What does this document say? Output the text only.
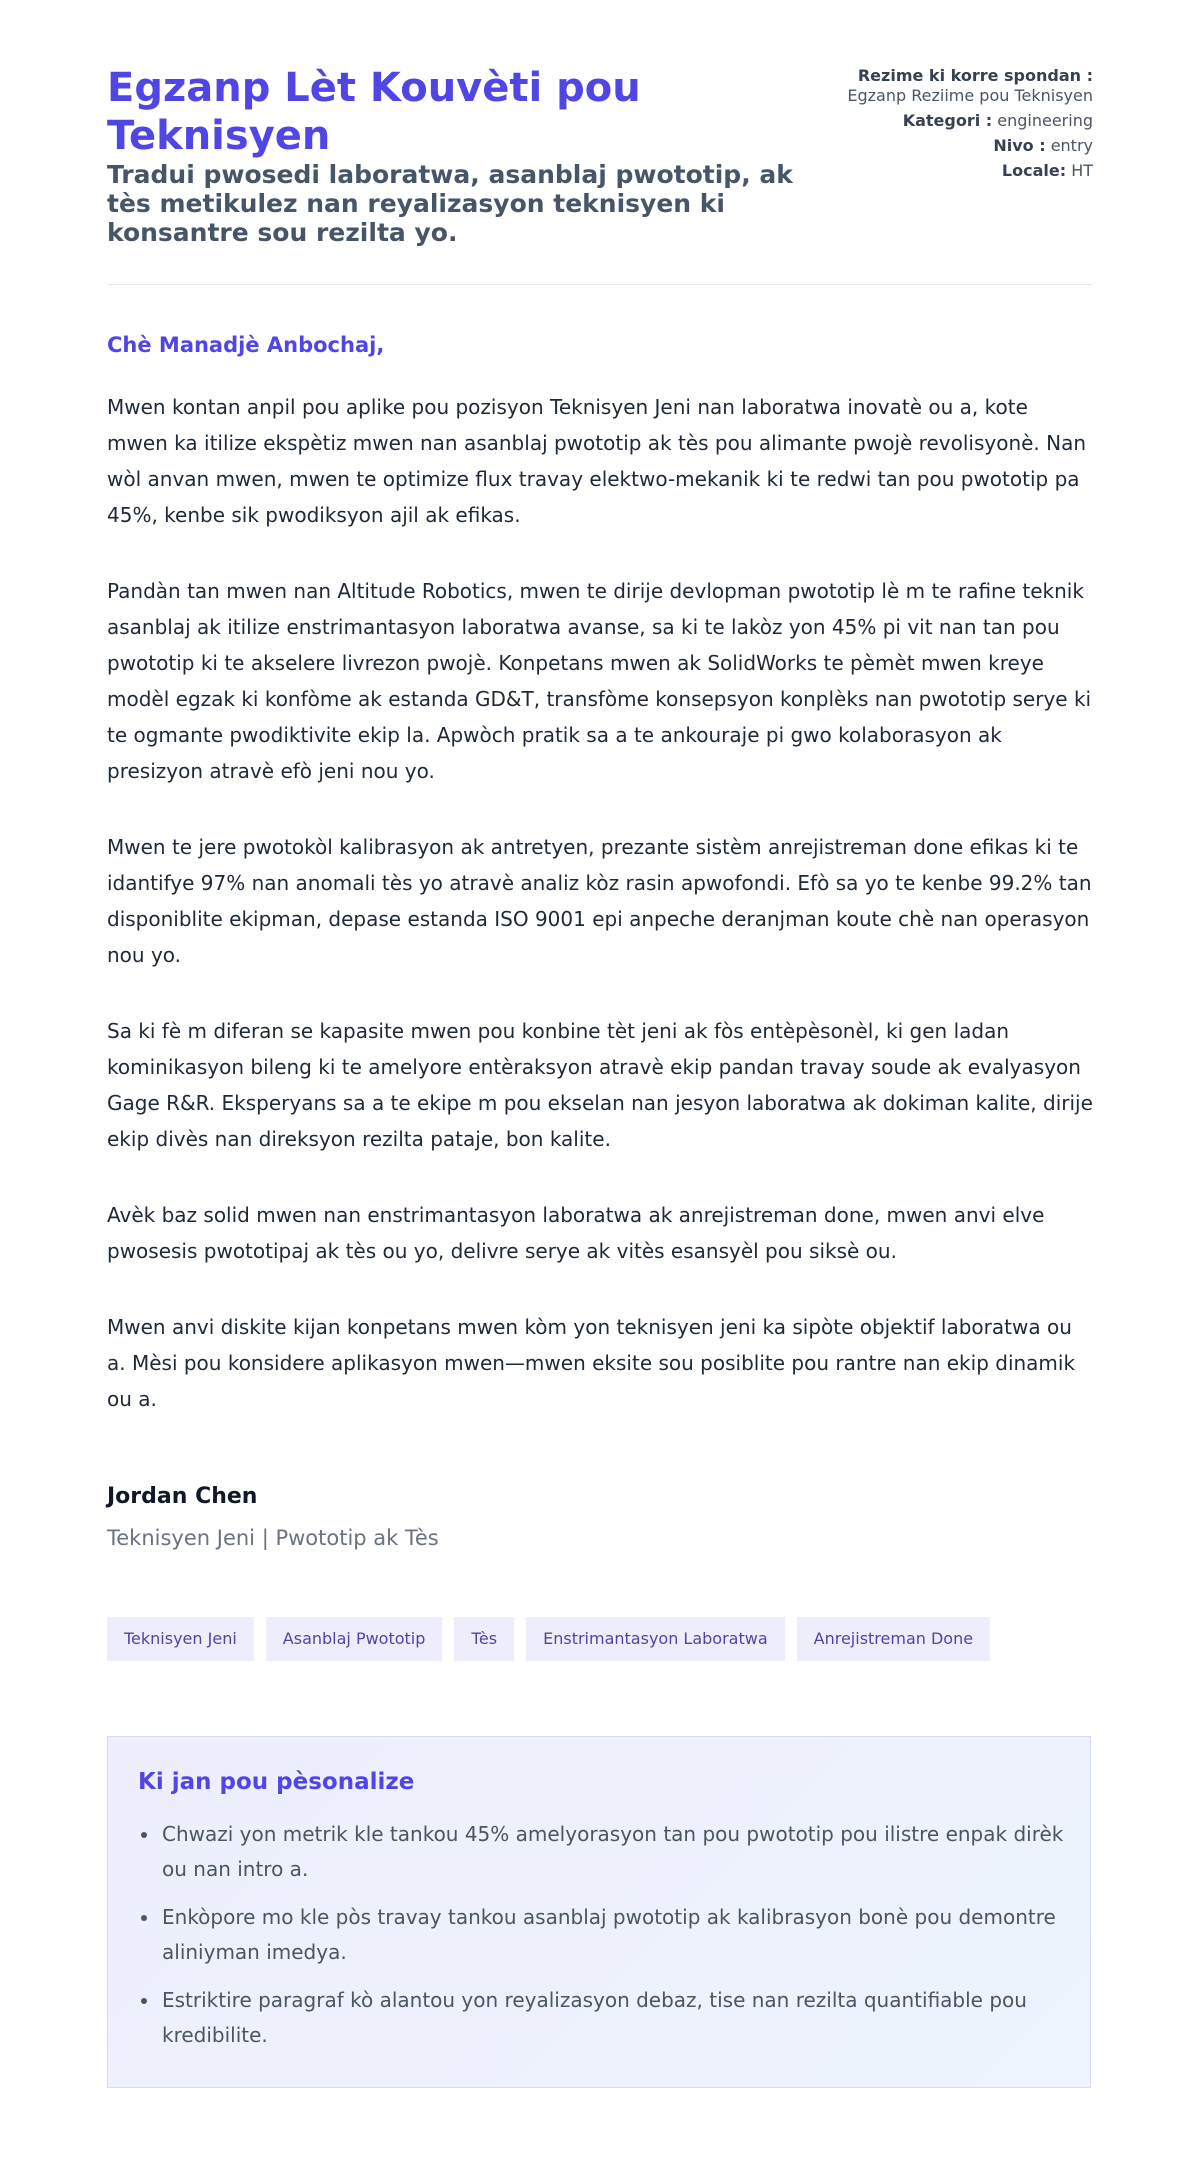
Egzanp Lèt Kouvèti pou Teknisyen
Tradui pwosedi laboratwa, asanblaj pwototip, ak tès metikulez nan reyalizasyon teknisyen ki konsantre sou rezilta yo.
Rezime ki korre spondan : Egzanp Reziime pou Teknisyen
Kategori : engineering
Nivo : entry
Locale: HT

Chè Manadjè Anbochaj,

Mwen kontan anpil pou aplike pou pozisyon Teknisyen Jeni nan laboratwa inovatè ou a, kote mwen ka itilize ekspètiz mwen nan asanblaj pwototip ak tès pou alimante pwojè revolisyonè. Nan wòl anvan mwen, mwen te optimize flux travay elektwo-mekanik ki te redwi tan pou pwototip pa 45%, kenbe sik pwodiksyon ajil ak efikas.

Pandàn tan mwen nan Altitude Robotics, mwen te dirije devlopman pwototip lè m te rafine teknik asanblaj ak itilize enstrimantasyon laboratwa avanse, sa ki te lakòz yon 45% pi vit nan tan pou pwototip ki te akselere livrezon pwojè. Konpetans mwen ak SolidWorks te pèmèt mwen kreye modèl egzak ki konfòme ak estanda GD&T, transfòme konsepsyon konplèks nan pwototip serye ki te ogmante pwodiktivite ekip la. Apwòch pratik sa a te ankouraje pi gwo kolaborasyon ak presizyon atravè efò jeni nou yo.

Mwen te jere pwotokòl kalibrasyon ak antretyen, prezante sistèm anrejistreman done efikas ki te idantifye 97% nan anomali tès yo atravè analiz kòz rasin apwofondi. Efò sa yo te kenbe 99.2% tan disponiblite ekipman, depase estanda ISO 9001 epi anpeche deranjman koute chè nan operasyon nou yo.

Sa ki fè m diferan se kapasite mwen pou konbine tèt jeni ak fòs entèpèsonèl, ki gen ladan kominikasyon bileng ki te amelyore entèraksyon atravè ekip pandan travay soude ak evalyasyon Gage R&R. Eksperyans sa a te ekipe m pou ekselan nan jesyon laboratwa ak dokiman kalite, dirije ekip divès nan direksyon rezilta pataje, bon kalite.

Avèk baz solid mwen nan enstrimantasyon laboratwa ak anrejistreman done, mwen anvi elve pwosesis pwototipaj ak tès ou yo, delivre serye ak vitès esansyèl pou siksè ou.

Mwen anvi diskite kijan konpetans mwen kòm yon teknisyen jeni ka sipòte objektif laboratwa ou a. Mèsi pou konsidere aplikasyon mwen—mwen eksite sou posiblite pou rantre nan ekip dinamik ou a.

Jordan Chen

Teknisyen Jeni | Pwototip ak Tès

Teknisyen Jeni	Asanblaj Pwototip	Tès	Enstrimantasyon Laboratwa	Anrejistreman Done
Ki jan pou pèsonalize
Chwazi yon metrik kle tankou 45% amelyorasyon tan pou pwototip pou ilistre enpak dirèk ou nan intro a.
Enkòpore mo kle pòs travay tankou asanblaj pwototip ak kalibrasyon bonè pou demontre aliniyman imedya.
Estriktire paragraf kò alantou yon reyalizasyon debaz, tise nan rezilta quantifiable pou kredibilite.
